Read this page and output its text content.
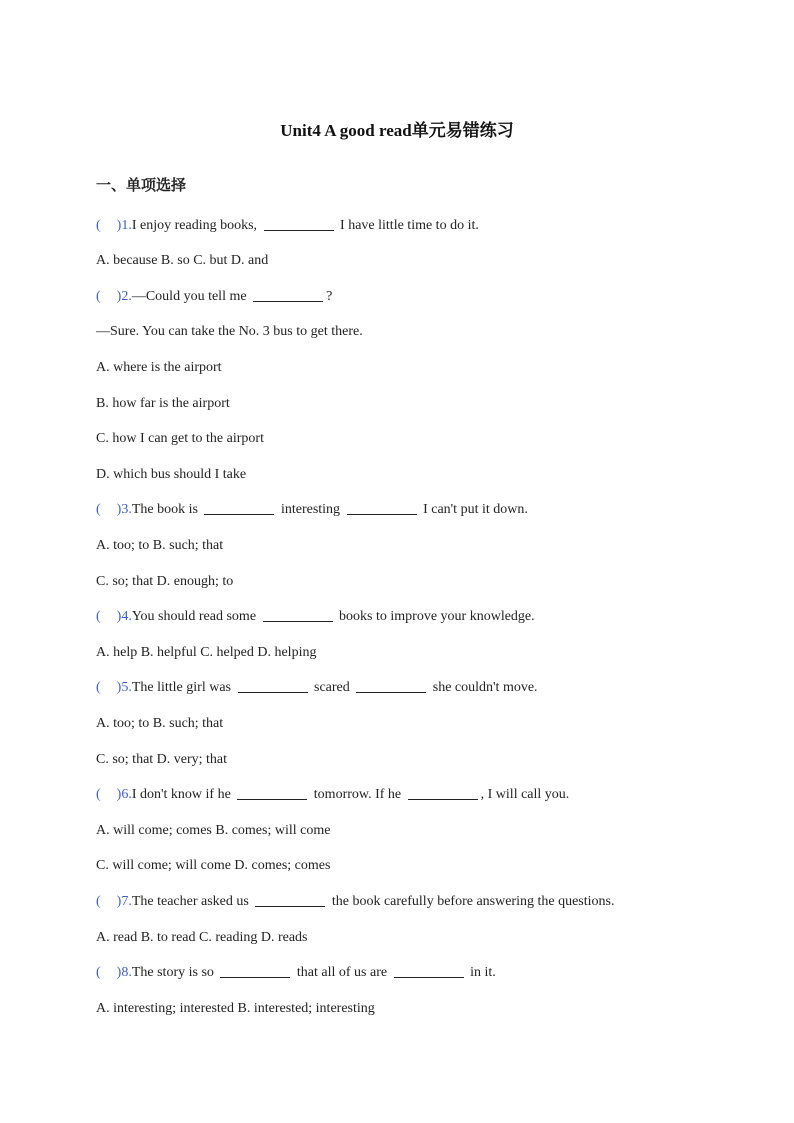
Unit4 A good read单元易错练习
一、单项选择
( )1.I enjoy reading books,	I have little time to do it.
A. because B. so C. but D. and
( )2.—Could you tell me	?
—Sure. You can take the No. 3 bus to get there.
A. where is the airport
B. how far is the airport
C. how I can get to the airport
D. which bus should I take
( )3.The book is	interesting	I can't put it down.
A. too; to B. such; that
C. so; that D. enough; to
( )4.You should read some	books to improve your knowledge.
A. help B. helpful C. helped D. helping
( )5.The little girl was	scared	she couldn't move.
A. too; to B. such; that
C. so; that D. very; that
( )6.I don't know if he	tomorrow. If he	, I will call you.
A. will come; comes B. comes; will come
C. will come; will come D. comes; comes
( )7.The teacher asked us	the book carefully before answering the questions.
A. read B. to read C. reading D. reads
( )8.The story is so	that all of us are	in it.
A. interesting; interested B. interested; interesting
